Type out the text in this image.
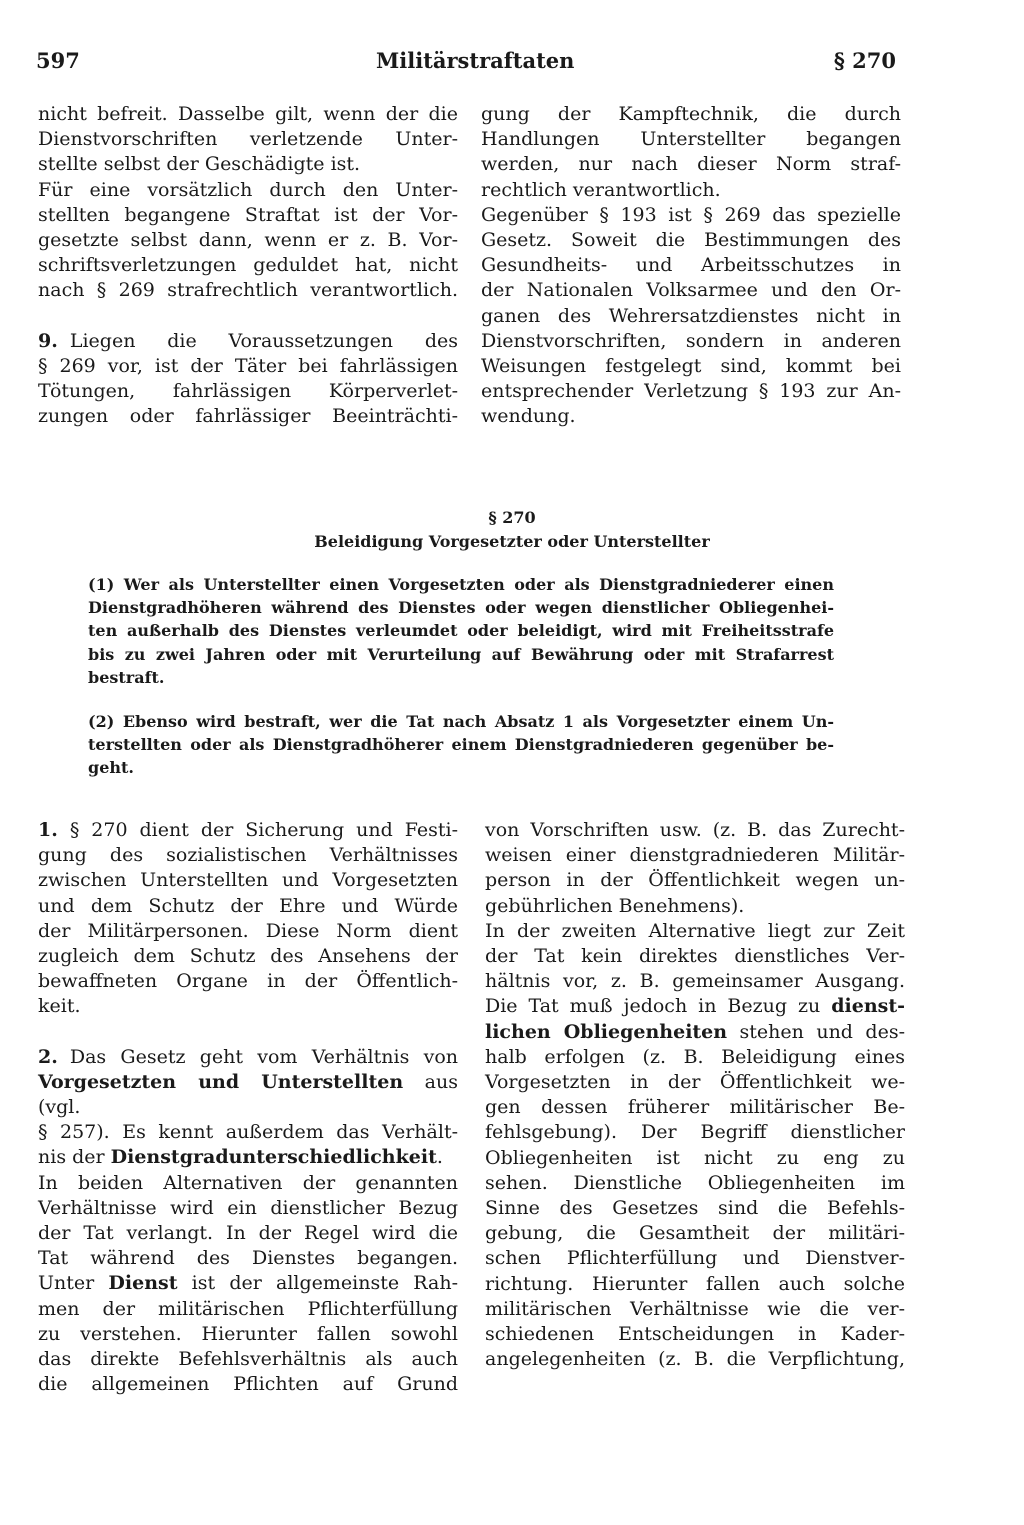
597	Militärstraftaten	§ 270

nicht befreit. Dasselbe gilt, wenn der die
Dienstvorschriften verletzende Unter-
stellte selbst der Geschädigte ist.
Für eine vorsätzlich durch den Unter-
stellten begangene Straftat ist der Vor-
gesetzte selbst dann, wenn er z. B. Vor-
schriftsverletzungen geduldet hat, nicht
nach § 269 strafrechtlich verantwortlich.

9. Liegen die Voraussetzungen des
§ 269 vor, ist der Täter bei fahrlässigen
Tötungen, fahrlässigen Körperverlet-
zungen oder fahrlässiger Beeinträchti-

gung der Kampftechnik, die durch
Handlungen Unterstellter begangen
werden, nur nach dieser Norm straf-
rechtlich verantwortlich.
Gegenüber § 193 ist § 269 das spezielle
Gesetz. Soweit die Bestimmungen des
Gesundheits- und Arbeitsschutzes in
der Nationalen Volksarmee und den Or-
ganen des Wehrersatzdienstes nicht in
Dienstvorschriften, sondern in anderen
Weisungen festgelegt sind, kommt bei
entsprechender Verletzung § 193 zur An-
wendung.

§ 270
Beleidigung Vorgesetzter oder Unterstellter
(1) Wer als Unterstellter einen Vorgesetzten oder als Dienstgradniederer einen
Dienstgradhöheren während des Dienstes oder wegen dienstlicher Obliegenhei-
ten außerhalb des Dienstes verleumdet oder beleidigt, wird mit Freiheitsstrafe
bis zu zwei Jahren oder mit Verurteilung auf Bewährung oder mit Strafarrest
bestraft.
(2) Ebenso wird bestraft, wer die Tat nach Absatz 1 als Vorgesetzter einem Un-
terstellten oder als Dienstgradhöherer einem Dienstgradniederen gegenüber be-
geht.

1. § 270 dient der Sicherung und Festi-
gung des sozialistischen Verhältnisses
zwischen Unterstellten und Vorgesetzten
und dem Schutz der Ehre und Würde
der Militärpersonen. Diese Norm dient
zugleich dem Schutz des Ansehens der
bewaffneten Organe in der Öffentlich-
keit.

2. Das Gesetz geht vom Verhältnis von
Vorgesetzten und Unterstellten aus (vgl.
§ 257). Es kennt außerdem das Verhält-
nis der Dienstgradunterschiedlichkeit.
In beiden Alternativen der genannten
Verhältnisse wird ein dienstlicher Bezug
der Tat verlangt. In der Regel wird die
Tat während des Dienstes begangen.
Unter Dienst ist der allgemeinste Rah-
men der militärischen Pflichterfüllung
zu verstehen. Hierunter fallen sowohl
das direkte Befehlsverhältnis als auch
die allgemeinen Pflichten auf Grund

von Vorschriften usw. (z. B. das Zurecht-
weisen einer dienstgradniederen Militär-
person in der Öffentlichkeit wegen un-
gebührlichen Benehmens).
In der zweiten Alternative liegt zur Zeit
der Tat kein direktes dienstliches Ver-
hältnis vor, z. B. gemeinsamer Ausgang.
Die Tat muß jedoch in Bezug zu dienst-
lichen Obliegenheiten stehen und des-
halb erfolgen (z. B. Beleidigung eines
Vorgesetzten in der Öffentlichkeit we-
gen dessen früherer militärischer Be-
fehlsgebung). Der Begriff dienstlicher
Obliegenheiten ist nicht zu eng zu
sehen. Dienstliche Obliegenheiten im
Sinne des Gesetzes sind die Befehls-
gebung, die Gesamtheit der militäri-
schen Pflichterfüllung und Dienstver-
richtung. Hierunter fallen auch solche
militärischen Verhältnisse wie die ver-
schiedenen Entscheidungen in Kader-
angelegenheiten (z. B. die Verpflichtung,
